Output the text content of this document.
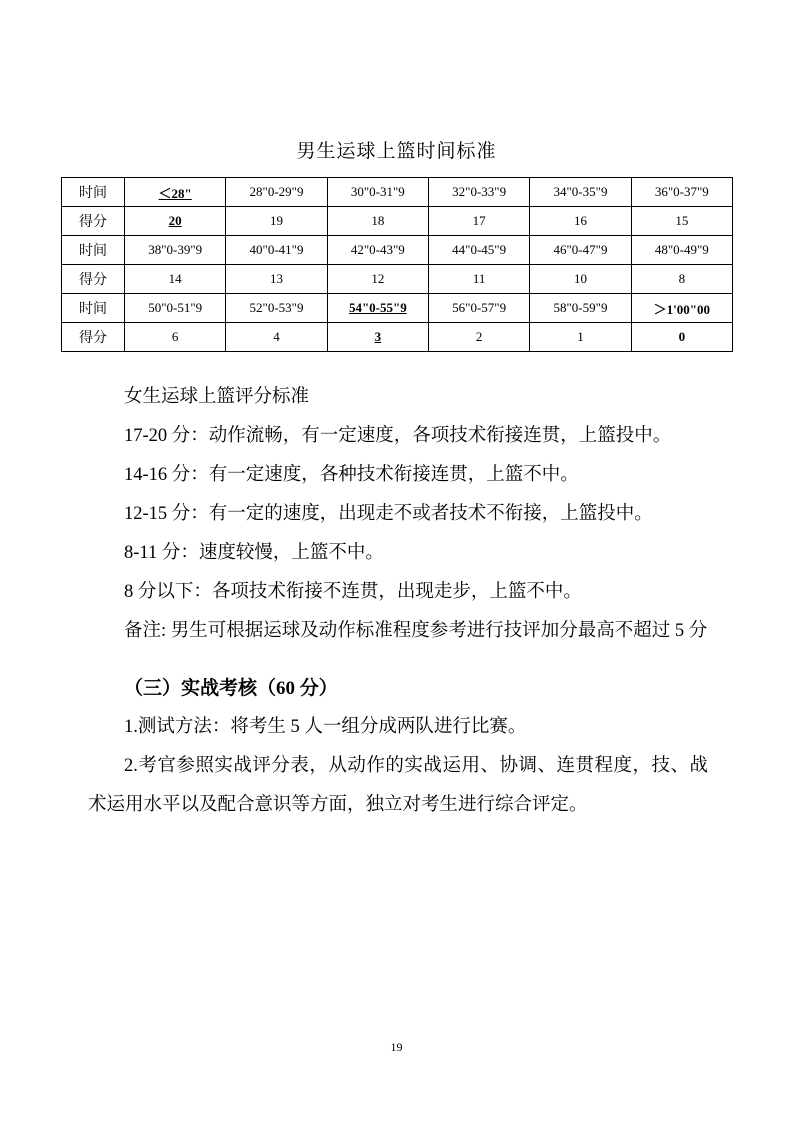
男生运球上篮时间标准
时间	＜28"	28"0-29"9	30"0-31"9	32"0-33"9	34"0-35"9	36"0-37"9
得分	20	19	18	17	16	15
时间	38"0-39"9	40"0-41"9	42"0-43"9	44"0-45"9	46"0-47"9	48"0-49"9
得分	14	13	12	11	10	8
时间	50"0-51"9	52"0-53"9	54"0-55"9	56"0-57"9	58"0-59"9	＞1'00"00
得分	6	4	3	2	1	0

女生运球上篮评分标准

17-20 分：动作流畅，有一定速度，各项技术衔接连贯，上篮投中。

14-16 分：有一定速度，各种技术衔接连贯，上篮不中。

12-15 分：有一定的速度，出现走不或者技术不衔接，上篮投中。

8-11 分：速度较慢，上篮不中。

8 分以下：各项技术衔接不连贯，出现走步，上篮不中。

备注: 男生可根据运球及动作标准程度参考进行技评加分最高不超过 5 分

（三）实战考核（60 分）

1.测试方法：将考生 5 人一组分成两队进行比赛。

2.考官参照实战评分表，从动作的实战运用、协调、连贯程度，技、战术运用水平以及配合意识等方面，独立对考生进行综合评定。

19
